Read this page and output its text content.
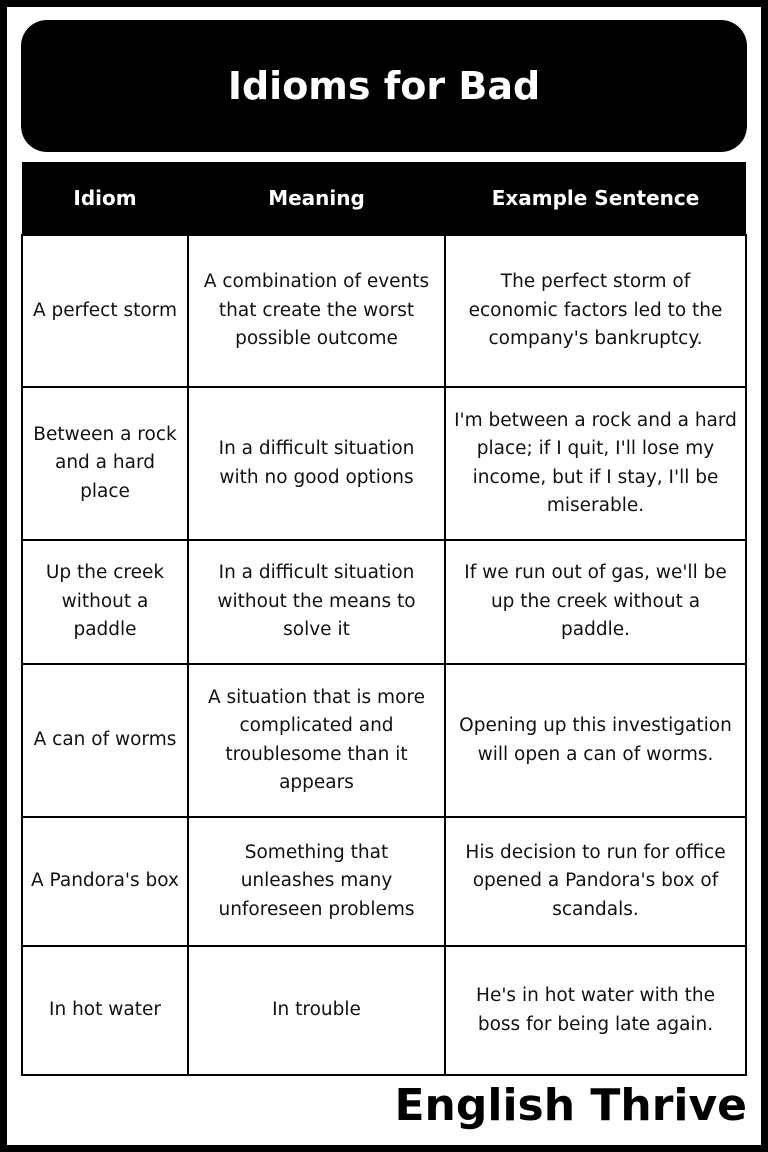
Idioms for Bad
Idiom	Meaning	Example Sentence
A perfect storm	A combination of events that create the worst possible outcome	The perfect storm of economic factors led to the company's bankruptcy.
Between a rock and a hard place	In a difficult situation with no good options	I'm between a rock and a hard place; if I quit, I'll lose my income, but if I stay, I'll be miserable.
Up the creek without a paddle	In a difficult situation without the means to solve it	If we run out of gas, we'll be up the creek without a paddle.
A can of worms	A situation that is more complicated and troublesome than it appears	Opening up this investigation will open a can of worms.
A Pandora's box	Something that unleashes many unforeseen problems	His decision to run for office opened a Pandora's box of scandals.
In hot water	In trouble	He's in hot water with the boss for being late again.
English Thrive
